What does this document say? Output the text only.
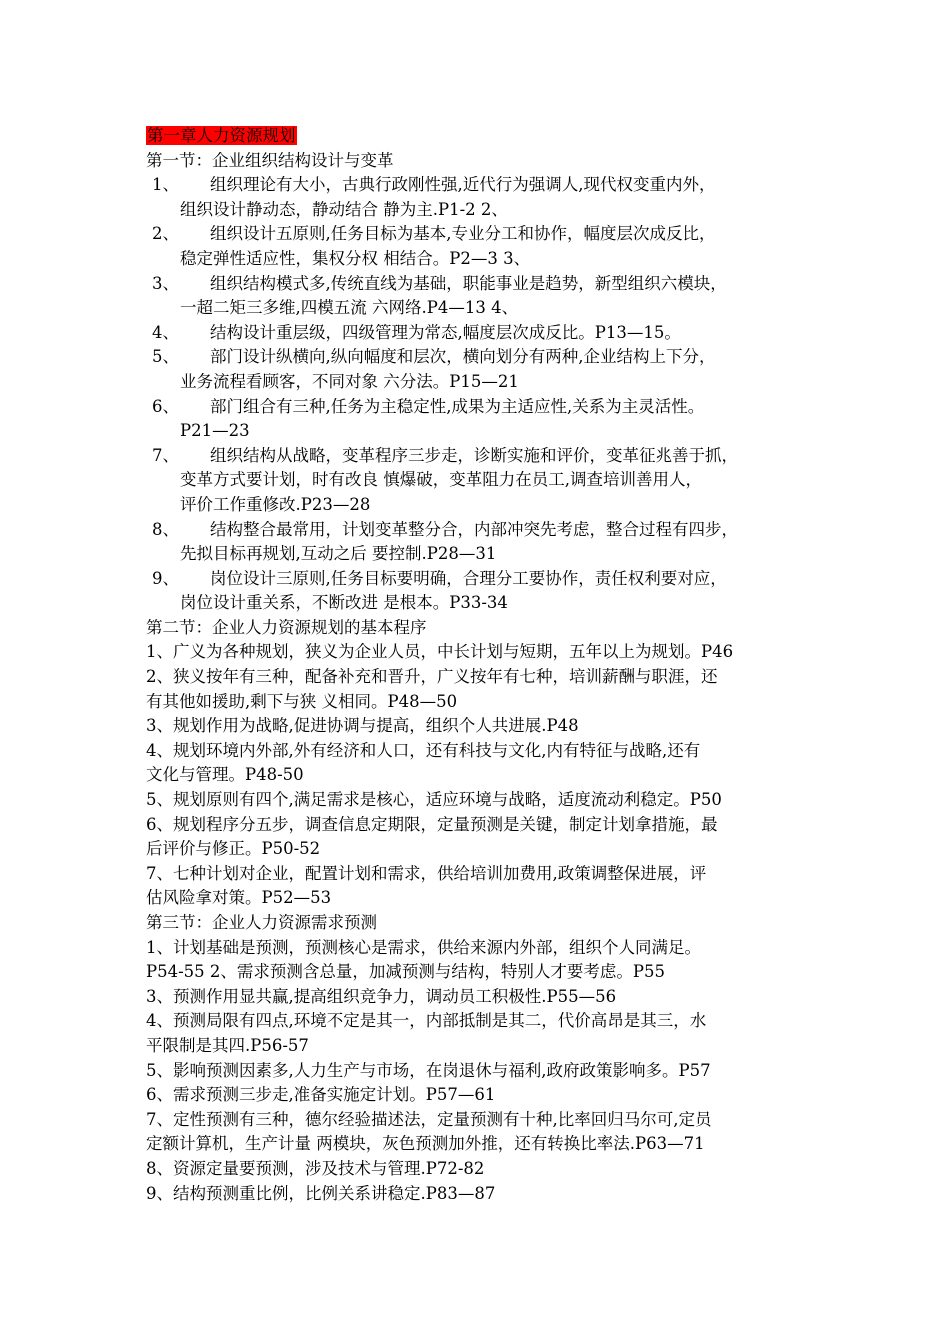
第一章人力资源规划
第一节：企业组织结构设计与变革
1、 组织理论有大小，古典行政刚性强,近代行为强调人,现代权变重内外，
组织设计静动态，静动结合 静为主.P1-2 2、
2、 组织设计五原则,任务目标为基本,专业分工和协作，幅度层次成反比，
稳定弹性适应性，集权分权 相结合。P2—3 3、
3、 组织结构模式多,传统直线为基础，职能事业是趋势，新型组织六模块，
一超二矩三多维,四模五流 六网络.P4—13 4、
4、 结构设计重层级，四级管理为常态,幅度层次成反比。P13—15。
5、 部门设计纵横向,纵向幅度和层次，横向划分有两种,企业结构上下分，
业务流程看顾客，不同对象 六分法。P15—21
6、 部门组合有三种,任务为主稳定性,成果为主适应性,关系为主灵活性。
P21—23
7、 组织结构从战略，变革程序三步走，诊断实施和评价，变革征兆善于抓，
变革方式要计划，时有改良 慎爆破，变革阻力在员工,调查培训善用人，
评价工作重修改.P23—28
8、 结构整合最常用，计划变革整分合，内部冲突先考虑，整合过程有四步，
先拟目标再规划,互动之后 要控制.P28—31
9、 岗位设计三原则,任务目标要明确，合理分工要协作，责任权利要对应，
岗位设计重关系，不断改进 是根本。P33-34
第二节：企业人力资源规划的基本程序
1、广义为各种规划，狭义为企业人员，中长计划与短期，五年以上为规划。P46
2、狭义按年有三种，配备补充和晋升，广义按年有七种，培训薪酬与职涯，还
有其他如援助,剩下与狭 义相同。P48—50
3、规划作用为战略,促进协调与提高，组织个人共进展.P48
4、规划环境内外部,外有经济和人口，还有科技与文化,内有特征与战略,还有
文化与管理。P48-50
5、规划原则有四个,满足需求是核心，适应环境与战略，适度流动利稳定。P50
6、规划程序分五步，调查信息定期限，定量预测是关键，制定计划拿措施，最
后评价与修正。P50-52
7、七种计划对企业，配置计划和需求，供给培训加费用,政策调整保进展，评
估风险拿对策。P52—53
第三节：企业人力资源需求预测
1、计划基础是预测，预测核心是需求，供给来源内外部，组织个人同满足。
P54-55 2、需求预测含总量，加减预测与结构，特别人才要考虑。P55
3、预测作用显共赢,提高组织竞争力，调动员工积极性.P55—56
4、预测局限有四点,环境不定是其一，内部抵制是其二，代价高昂是其三，水
平限制是其四.P56-57
5、影响预测因素多,人力生产与市场，在岗退休与福利,政府政策影响多。P57
6、需求预测三步走,准备实施定计划。P57—61
7、定性预测有三种，德尔经验描述法，定量预测有十种,比率回归马尔可,定员
定额计算机，生产计量 两模块，灰色预测加外推，还有转换比率法.P63—71
8、资源定量要预测，涉及技术与管理.P72-82
9、结构预测重比例，比例关系讲稳定.P83—87
